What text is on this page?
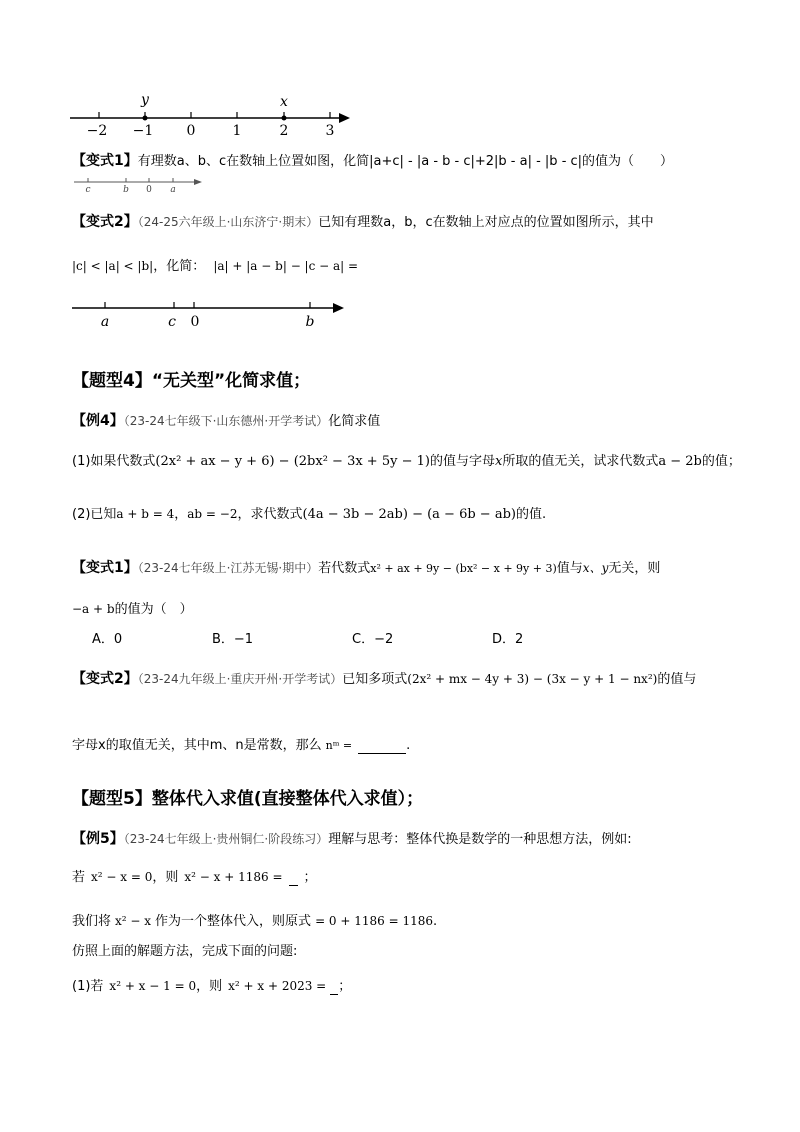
y	x
−2 −1 0	1	2	3
【变式1】有理数a、b、c在数轴上位置如图，化简|a+c| - |a - b - c|+2|b - a| - |b - c|的值为（　　）
c	b 0 a
【变式2】（24-25六年级上·山东济宁·期末）已知有理数a，b，c在数轴上对应点的位置如图所示，其中
|c| < |a| < |b|，化简： |a| + |a − b| − |c − a| =
a	c 0	b
【题型4】“无关型”化简求值；
【例4】（23-24七年级下·山东德州·开学考试）化简求值
(1)如果代数式(2x² + ax − y + 6) − (2bx² − 3x + 5y − 1)的值与字母x所取的值无关，试求代数式a − 2b的值；
(2)已知a + b = 4，ab = −2，求代数式(4a − 3b − 2ab) − (a − 6b − ab)的值.
【变式1】（23-24七年级上·江苏无锡·期中）若代数式x² + ax + 9y − (bx² − x + 9y + 3)值与x、y无关，则
−a + b的值为（　）
A．0	B．−1	C．−2	D．2
【变式2】（23-24九年级上·重庆开州·开学考试）已知多项式(2x² + mx − 4y + 3) − (3x − y + 1 − nx²)的值与
字母x的取值无关，其中m、n是常数，那么 nᵐ =	.
【题型5】整体代入求值(直接整体代入求值）；
【例5】（23-24七年级上·贵州铜仁·阶段练习）理解与思考：整体代换是数学的一种思想方法，例如:
若 x² − x = 0，则 x² − x + 1186 = ；
我们将 x² − x 作为一个整体代入，则原式 = 0 + 1186 = 1186.
仿照上面的解题方法，完成下面的问题:
(1)若 x² + x − 1 = 0，则 x² + x + 2023 = ；
